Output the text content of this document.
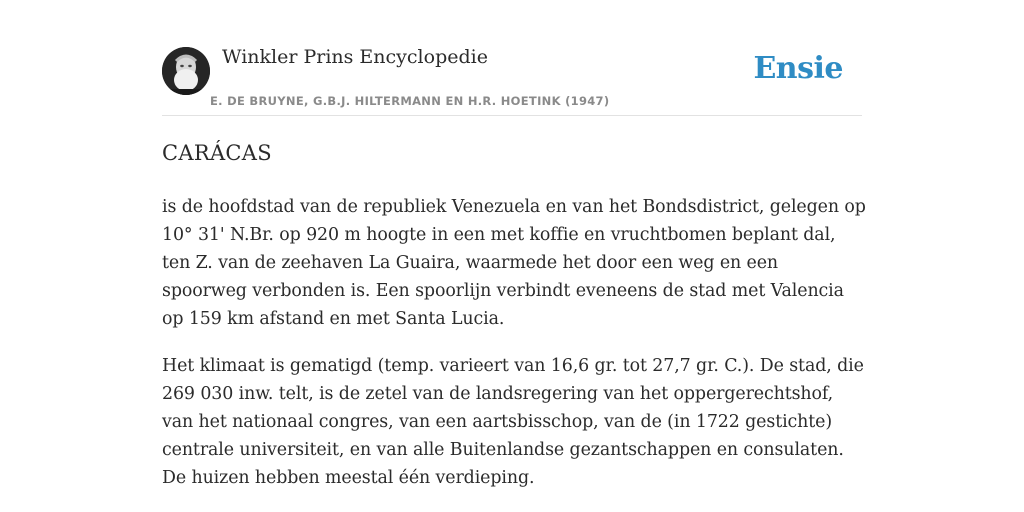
Winkler Prins Encyclopedie
E. DE BRUYNE, G.B.J. HILTERMANN EN H.R. HOETINK (1947)
Ensie
CARÁCAS

is de hoofdstad van de republiek Venezuela en van het Bondsdistrict, gelegen op 10° 31' N.Br. op 920 m hoogte in een met koffie en vruchtbomen beplant dal, ten Z. van de zeehaven La Guaira, waarmede het door een weg en een spoorweg verbonden is. Een spoorlijn verbindt eveneens de stad met Valencia op 159 km afstand en met Santa Lucia.

Het klimaat is gematigd (temp. varieert van 16,6 gr. tot 27,7 gr. C.). De stad, die 269 030 inw. telt, is de zetel van de landsregering van het oppergerechtshof, van het nationaal congres, van een aartsbisschop, van de (in 1722 gestichte) centrale universiteit, en van alle Buitenlandse gezantschappen en consulaten. De huizen hebben meestal één verdieping.
